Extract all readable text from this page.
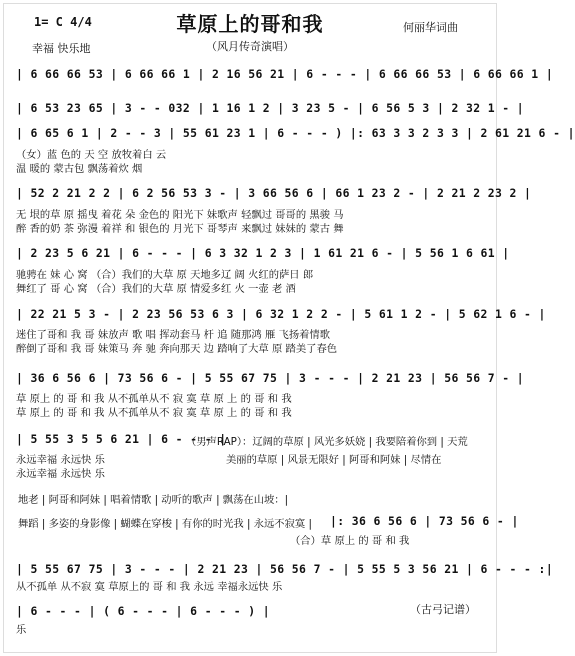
草原上的哥和我
（风月传奇演唱）
1= C 4/4
幸福 快乐地
何丽华词曲
| 6 66 66 53 | 6 66 66 1 | 2 16 56 21 | 6 - - - | 6 66 66 53 | 6 66 66 1 |
| 6 53 23 65 | 3 - - 032 | 1 16 1 2 | 3 23 5 - | 6 56 5 3 | 2 32 1 - |
| 6 65 6 1 | 2 - - 3 | 55 61 23 1 | 6 - - - ) |: 63 3 3 2 3 3 | 2 61 21 6 - |
（女）蓝 色的 天 空 放牧着白 云
温 暖的 蒙古包 飘荡着炊 烟
| 52 2 21 2 2 | 6 2 56 53 3 - | 3 66 56 6 | 66 1 23 2 - | 2 21 2 23 2 |
无 垠的草 原 摇曳 着花 朵 金色的 阳光下 妹歌声 轻飘过 哥哥的 黑骏 马
醉 香的奶 茶 弥漫 着祥 和 银色的 月光下 哥琴声 来飘过 妹妹的 蒙古 舞
| 2 23 5 6 21 | 6 - - - | 6 3 32 1 2 3 | 1 61 21 6 - | 5 56 1 6 61 |
驰骋在 妹 心 窝 （合）我们的大草 原 天地多辽 阔 火红的萨日 郎
舞红了 哥 心 窝 （合）我们的大草 原 情爱多红 火 一壶 老 酒
| 22 21 5 3 - | 2 23 56 53 6 3 | 6 32 1 2 2 - | 5 61 1 2 - | 5 62 1 6 - |
迷住了哥和 我 哥 妹放声 歌 唱 挥动套马 杆 追 随那鸿 雁 飞扬着情歌
醉倒了哥和 我 哥 妹策马 奔 驰 奔向那天 边 踏响了大草 原 踏美了春色
| 36 6 56 6 | 73 56 6 - | 5 55 67 75 | 3 - - - | 2 21 23 | 56 56 7 - |
草 原上 的 哥 和 我 从不孤单从不 寂 寞 草 原 上 的 哥 和 我
草 原上 的 哥 和 我 从不孤单从不 寂 寞 草 原 上 的 哥 和 我
| 5 55 3 5 5 6 21 | 6 - - - |
（男声RAP）：辽阔的草原 | 风光多妖娆 | 我要陪着你到 | 天荒
永远幸福 永远快 乐	美丽的草原 | 风景无限好 | 阿哥和阿妹 | 尽情在
永远幸福 永远快 乐
地老 | 阿哥和阿妹 | 唱着情歌 | 动听的歌声 | 飘荡在山坡：|
舞蹈 | 多姿的身影像 | 蝴蝶在穿梭 | 有你的时光我 | 永远不寂寞 | |: 36 6 56 6 | 73 56 6 - |
（合）草 原上 的 哥 和 我
| 5 55 67 75 | 3 - - - | 2 21 23 | 56 56 7 - | 5 55 5 3 56 21 | 6 - - - :|
从不孤单 从不寂 寞 草原上的 哥 和 我 永远 幸福永远快 乐
| 6 - - - | ( 6 - - - | 6 - - - ) |
乐
（古弓记谱）
